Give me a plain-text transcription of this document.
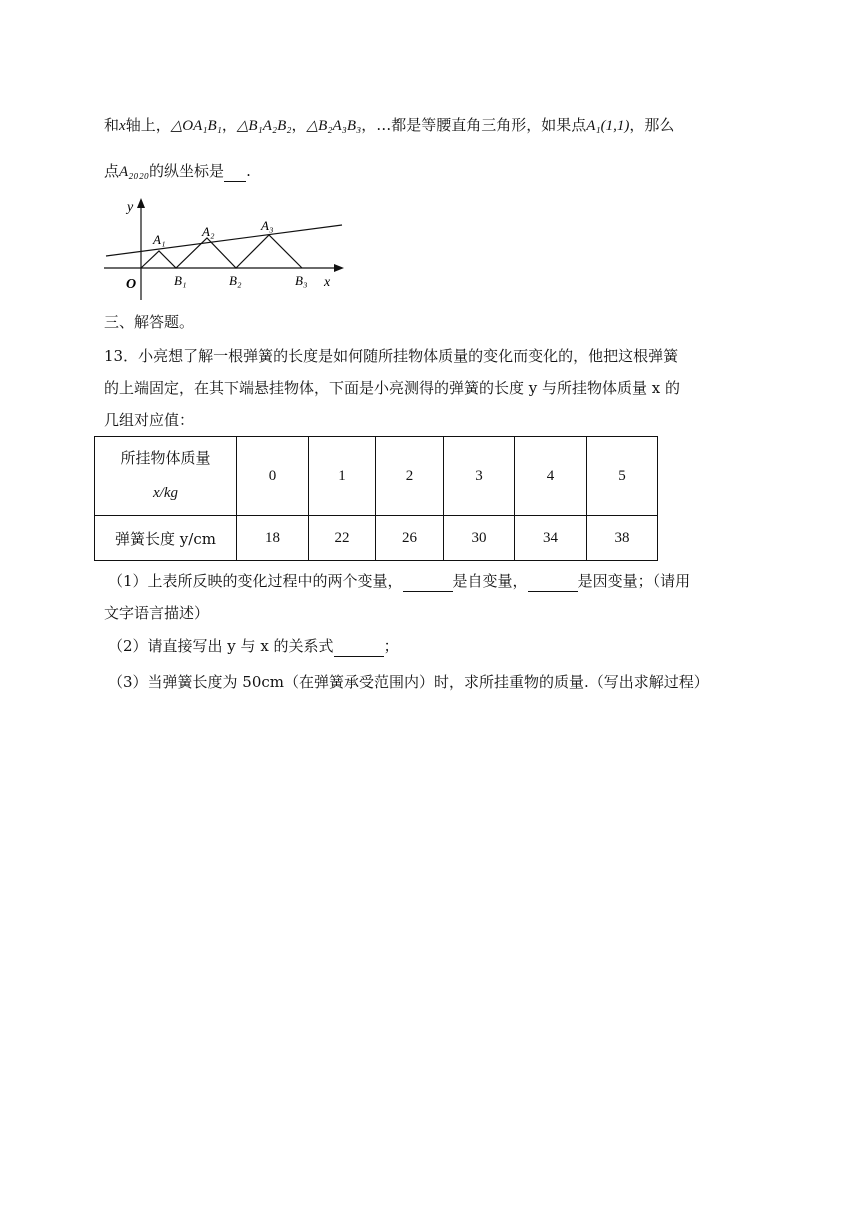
和x轴上，△OA₁B₁，△B₁A₂B₂，△B₂A₃B₃，…都是等腰直角三角形，如果点A₁(1,1)，那么
点A₂₀₂₀的纵坐标是 .
y
x
O
A₁
A₂	A₃
B₁	B₂	B₃
三、解答题。
13．小亮想了解一根弹簧的长度是如何随所挂物体质量的变化而变化的，他把这根弹簧
的上端固定，在其下端悬挂物体，下面是小亮测得的弹簧的长度 y 与所挂物体质量 x 的
几组对应值：
所挂物体质量
x/kg	0	1	2	3	4	5
弹簧长度 y/cm	18	22	26	30	34	38
（1）上表所反映的变化过程中的两个变量，	是自变量，	是因变量；（请用
文字语言描述）
（2）请直接写出 y 与 x 的关系式	；
（3）当弹簧长度为 50cm（在弹簧承受范围内）时，求所挂重物的质量.（写出求解过程）
